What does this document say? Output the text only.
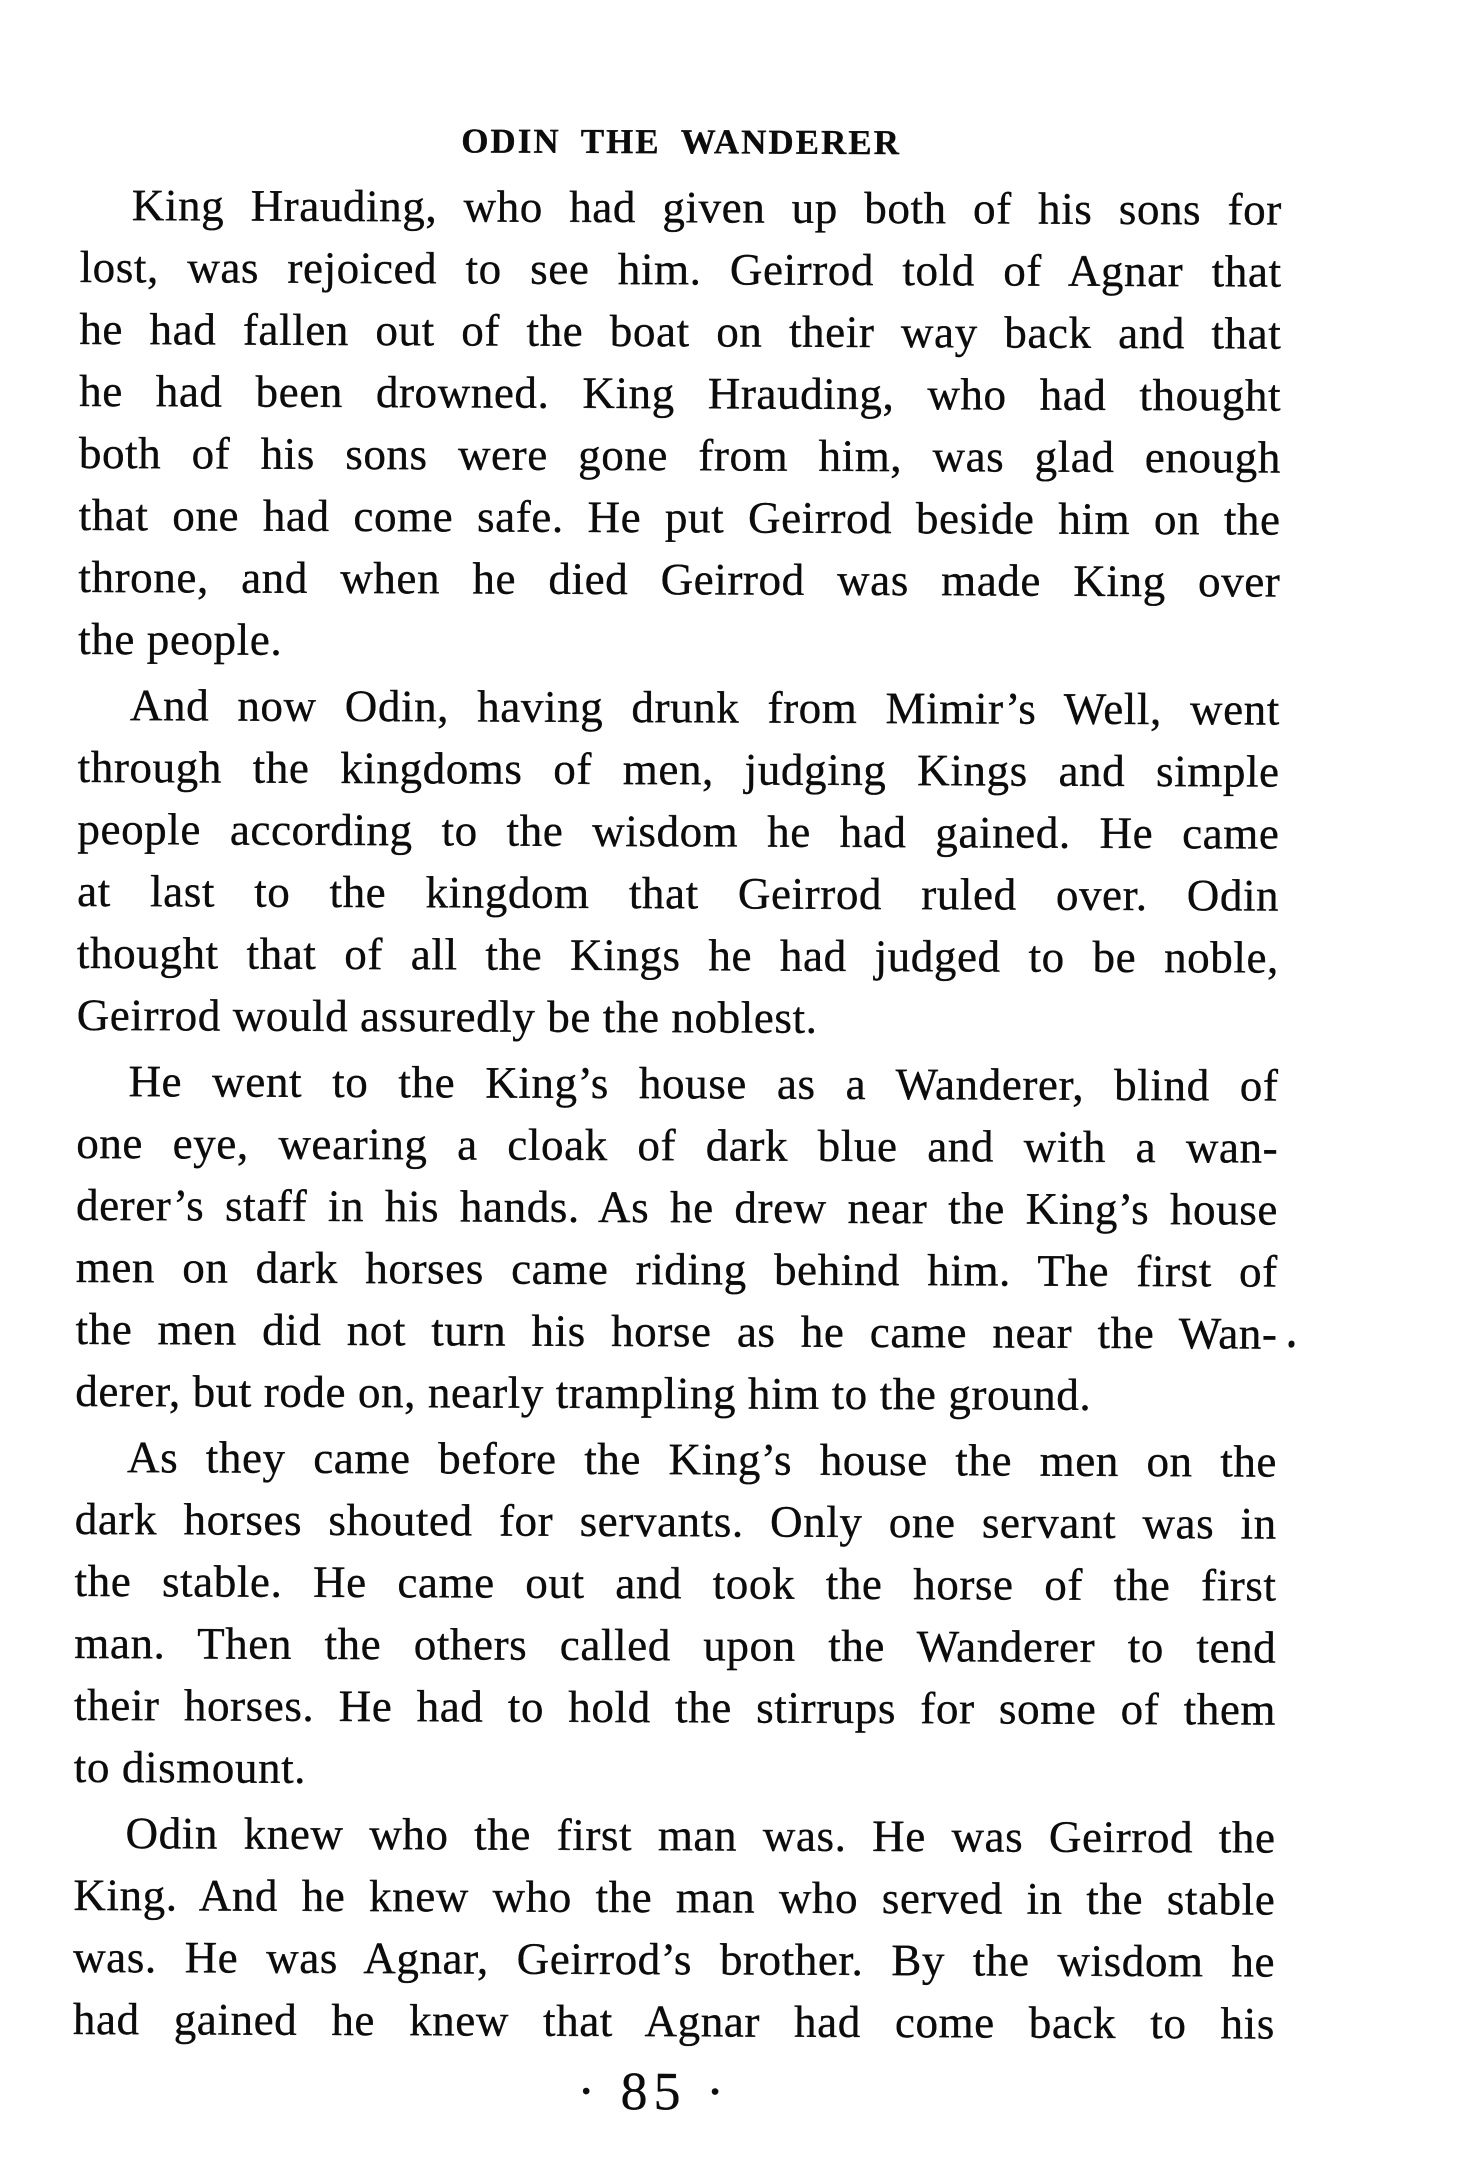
ODIN THE WANDERER

King Hrauding, who had given up both of his sons for
lost, was rejoiced to see him. Geirrod told of Agnar that
he had fallen out of the boat on their way back and that
he had been drowned. King Hrauding, who had thought
both of his sons were gone from him, was glad enough
that one had come safe. He put Geirrod beside him on the
throne, and when he died Geirrod was made King over
the people.

And now Odin, having drunk from Mimir’s Well, went
through the kingdoms of men, judging Kings and simple
people according to the wisdom he had gained. He came
at last to the kingdom that Geirrod ruled over. Odin
thought that of all the Kings he had judged to be noble,
Geirrod would assuredly be the noblest.

He went to the King’s house as a Wanderer, blind of
one eye, wearing a cloak of dark blue and with a wan-
derer’s staff in his hands. As he drew near the King’s house
men on dark horses came riding behind him. The first of
the men did not turn his horse as he came near the Wan-
derer, but rode on, nearly trampling him to the ground.

As they came before the King’s house the men on the
dark horses shouted for servants. Only one servant was in
the stable. He came out and took the horse of the first
man. Then the others called upon the Wanderer to tend
their horses. He had to hold the stirrups for some of them
to dismount.

Odin knew who the first man was. He was Geirrod the
King. And he knew who the man who served in the stable
was. He was Agnar, Geirrod’s brother. By the wisdom he
had gained he knew that Agnar had come back to his

· 85 ·
